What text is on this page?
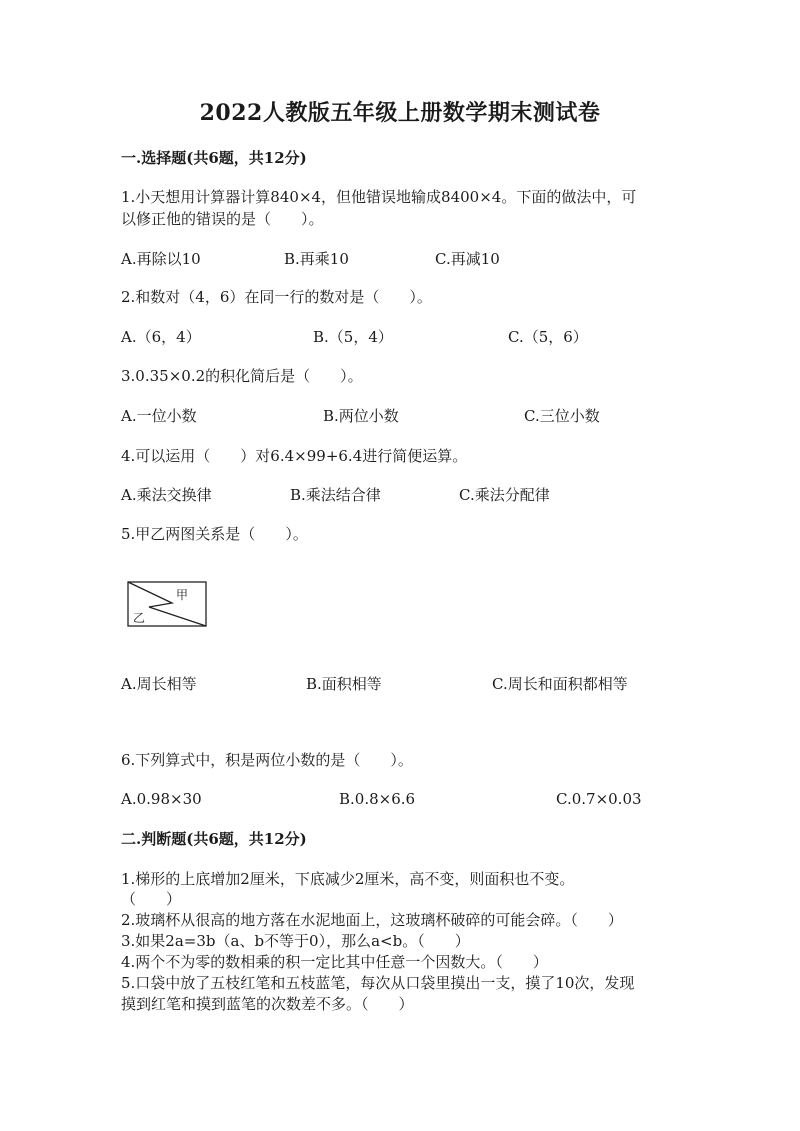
2022人教版五年级上册数学期末测试卷
一.选择题(共6题，共12分)
1.小天想用计算器计算840×4，但他错误地输成8400×4。下面的做法中，可
以修正他的错误的是（　　）。
A.再除以10	B.再乘10	C.再减10
2.和数对（4，6）在同一行的数对是（　　）。
A.（6，4）	B.（5，4）	C.（5，6）
3.0.35×0.2的积化简后是（　　）。
A.一位小数	B.两位小数	C.三位小数
4.可以运用（　　）对6.4×99+6.4进行简便运算。
A.乘法交换律	B.乘法结合律	C.乘法分配律
5.甲乙两图关系是（　　）。
甲
乙
A.周长相等	B.面积相等	C.周长和面积都相等
6.下列算式中，积是两位小数的是（　　）。
A.0.98×30	B.0.8×6.6	C.0.7×0.03
二.判断题(共6题，共12分)
1.梯形的上底增加2厘米，下底减少2厘米，高不变，则面积也不变。
（　　）
2.玻璃杯从很高的地方落在水泥地面上，这玻璃杯破碎的可能会碎。（　　）
3.如果2a=3b（a、b不等于0），那么a<b。（　　）
4.两个不为零的数相乘的积一定比其中任意一个因数大。（　　）
5.口袋中放了五枝红笔和五枝蓝笔，每次从口袋里摸出一支，摸了10次，发现
摸到红笔和摸到蓝笔的次数差不多。（　　）
